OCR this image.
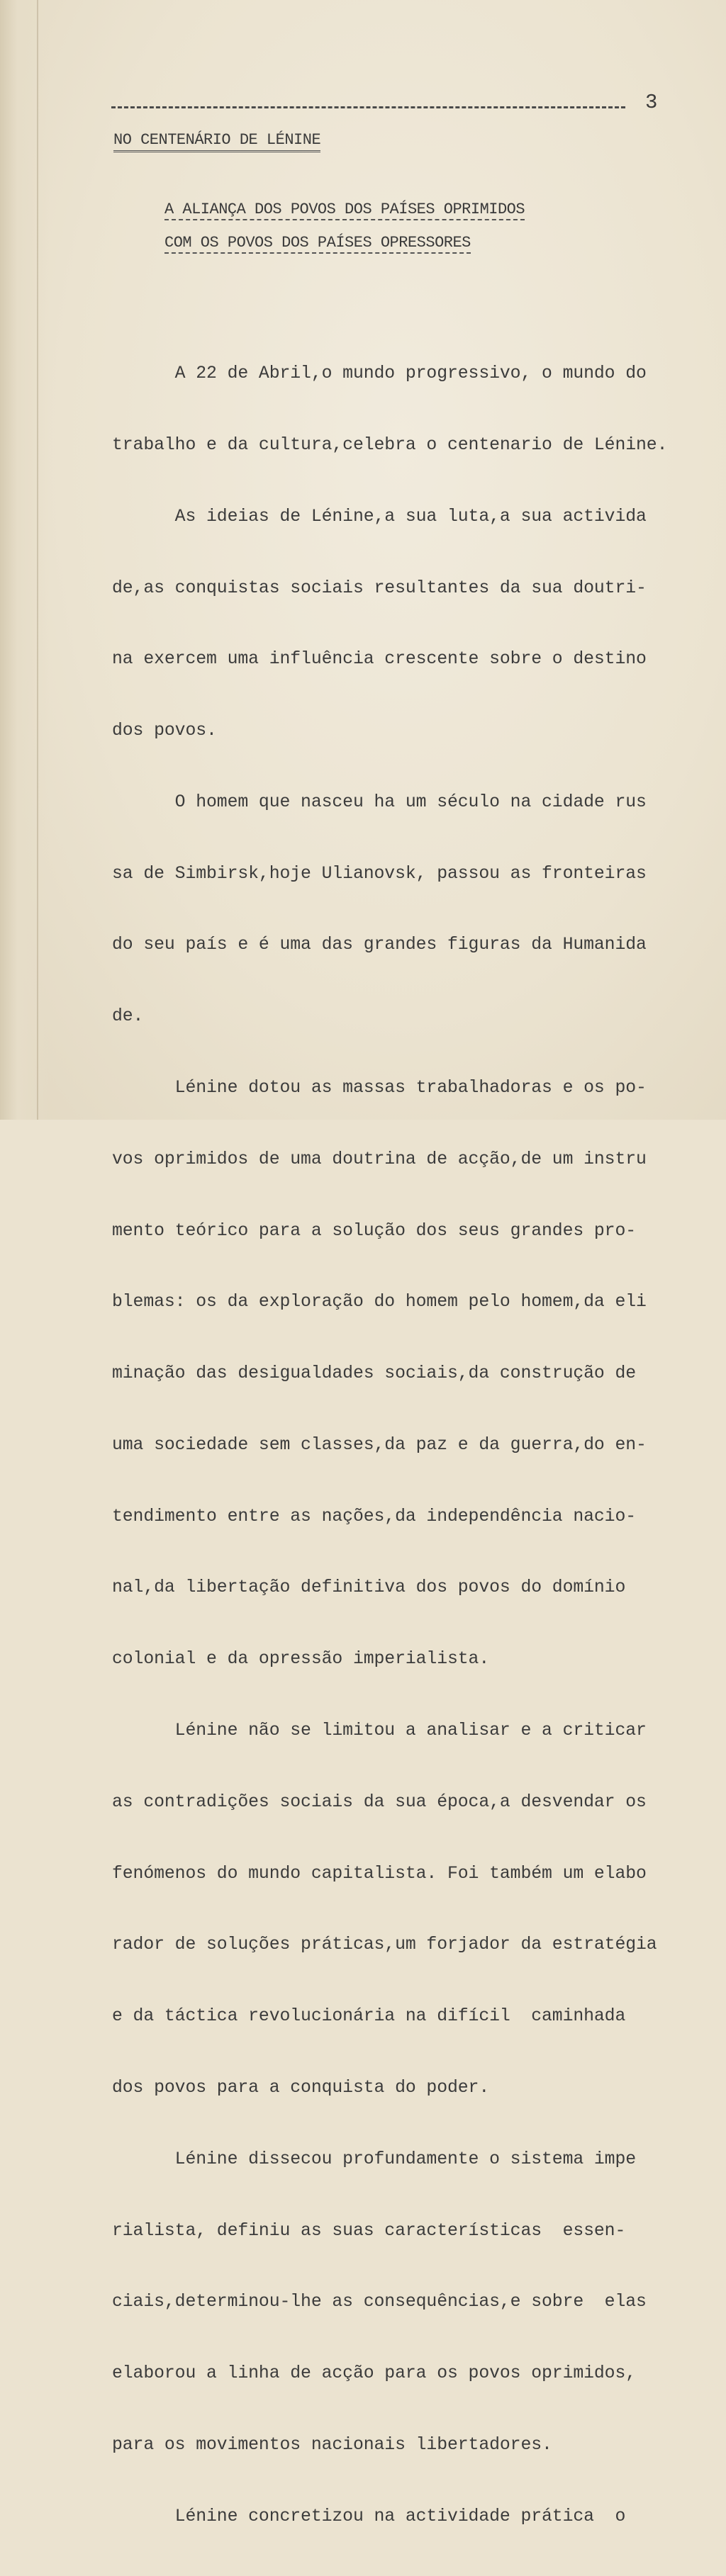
3
NO CENTENÁRIO DE LÉNINE
A ALIANÇA DOS POVOS DOS PAÍSES OPRIMIDOS
COM OS POVOS DOS PAÍSES OPRESSORES

A 22 de Abril,o mundo progressivo, o mundo do

trabalho e da cultura,celebra o centenario de Lénine.

As ideias de Lénine,a sua luta,a sua activida

de,as conquistas sociais resultantes da sua doutri-

na exercem uma influência crescente sobre o destino

dos povos.

O homem que nasceu ha um século na cidade rus

sa de Simbirsk,hoje Ulianovsk, passou as fronteiras

do seu país e é uma das grandes figuras da Humanida

de.

Lénine dotou as massas trabalhadoras e os po-

vos oprimidos de uma doutrina de acção,de um instru

mento teórico para a solução dos seus grandes pro-

blemas: os da exploração do homem pelo homem,da eli

minação das desigualdades sociais,da construção de

uma sociedade sem classes,da paz e da guerra,do en-

tendimento entre as nações,da independência nacio-

nal,da libertação definitiva dos povos do domínio

colonial e da opressão imperialista.

Lénine não se limitou a analisar e a criticar

as contradições sociais da sua época,a desvendar os

fenómenos do mundo capitalista. Foi também um elabo

rador de soluções práticas,um forjador da estratégia

e da táctica revolucionária na difícil  caminhada

dos povos para a conquista do poder.

Lénine dissecou profundamente o sistema impe

rialista, definiu as suas características  essen-

ciais,determinou-lhe as consequências,e sobre  elas

elaborou a linha de acção para os povos oprimidos,

para os movimentos nacionais libertadores.

Lénine concretizou na actividade prática  o
